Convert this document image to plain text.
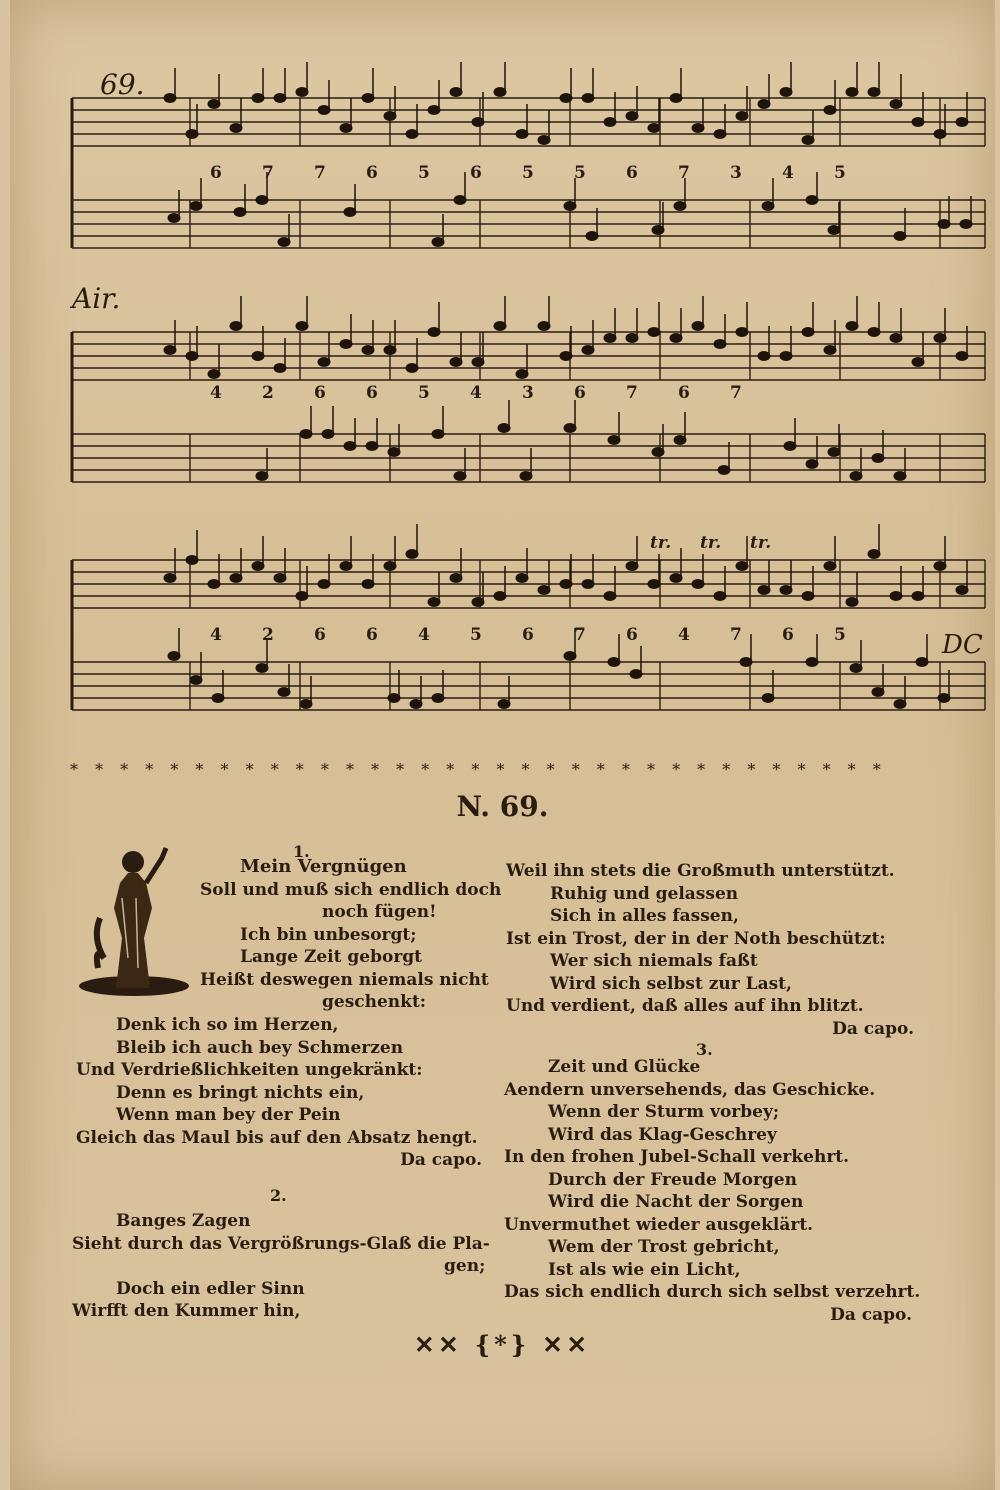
6 7 7 6 5 6 5 5 6 7 3 4 5
4 2 6 6 5 4 3 6 7 6 7
4 2 6 6 4 5 6 7 6 4 7 6 5
tr. tr. tr.
69.
Air.
DC
* * * * * * * * * * * * * * * * * * * * * * * * * * * * * * * * *
N. 69.
1.
Mein Vergnügen
Soll und muß sich endlich doch
noch fügen!
Ich bin unbesorgt;
Lange Zeit geborgt
Heißt deswegen niemals nicht
geschenkt:
Denk ich so im Herzen,
Bleib ich auch bey Schmerzen
Und Verdrießlichkeiten ungekränkt:
Denn es bringt nichts ein,
Wenn man bey der Pein
Gleich das Maul bis auf den Absatz hengt.
Da capo.
2.
Banges Zagen
Sieht durch das Vergrößrungs-Glaß die Pla-
gen;
Doch ein edler Sinn
Wirfft den Kummer hin,
Weil ihn stets die Großmuth unterstützt.
Ruhig und gelassen
Sich in alles fassen,
Ist ein Trost, der in der Noth beschützt:
Wer sich niemals faßt
Wird sich selbst zur Last,
Und verdient, daß alles auf ihn blitzt.
Da capo.
3.
Zeit und Glücke
Aendern unversehends, das Geschicke.
Wenn der Sturm vorbey;
Wird das Klag-Geschrey
In den frohen Jubel-Schall verkehrt.
Durch der Freude Morgen
Wird die Nacht der Sorgen
Unvermuthet wieder ausgeklärt.
Wem der Trost gebricht,
Ist als wie ein Licht,
Das sich endlich durch sich selbst verzehrt.
Da capo.
✕✕ {*} ✕✕
